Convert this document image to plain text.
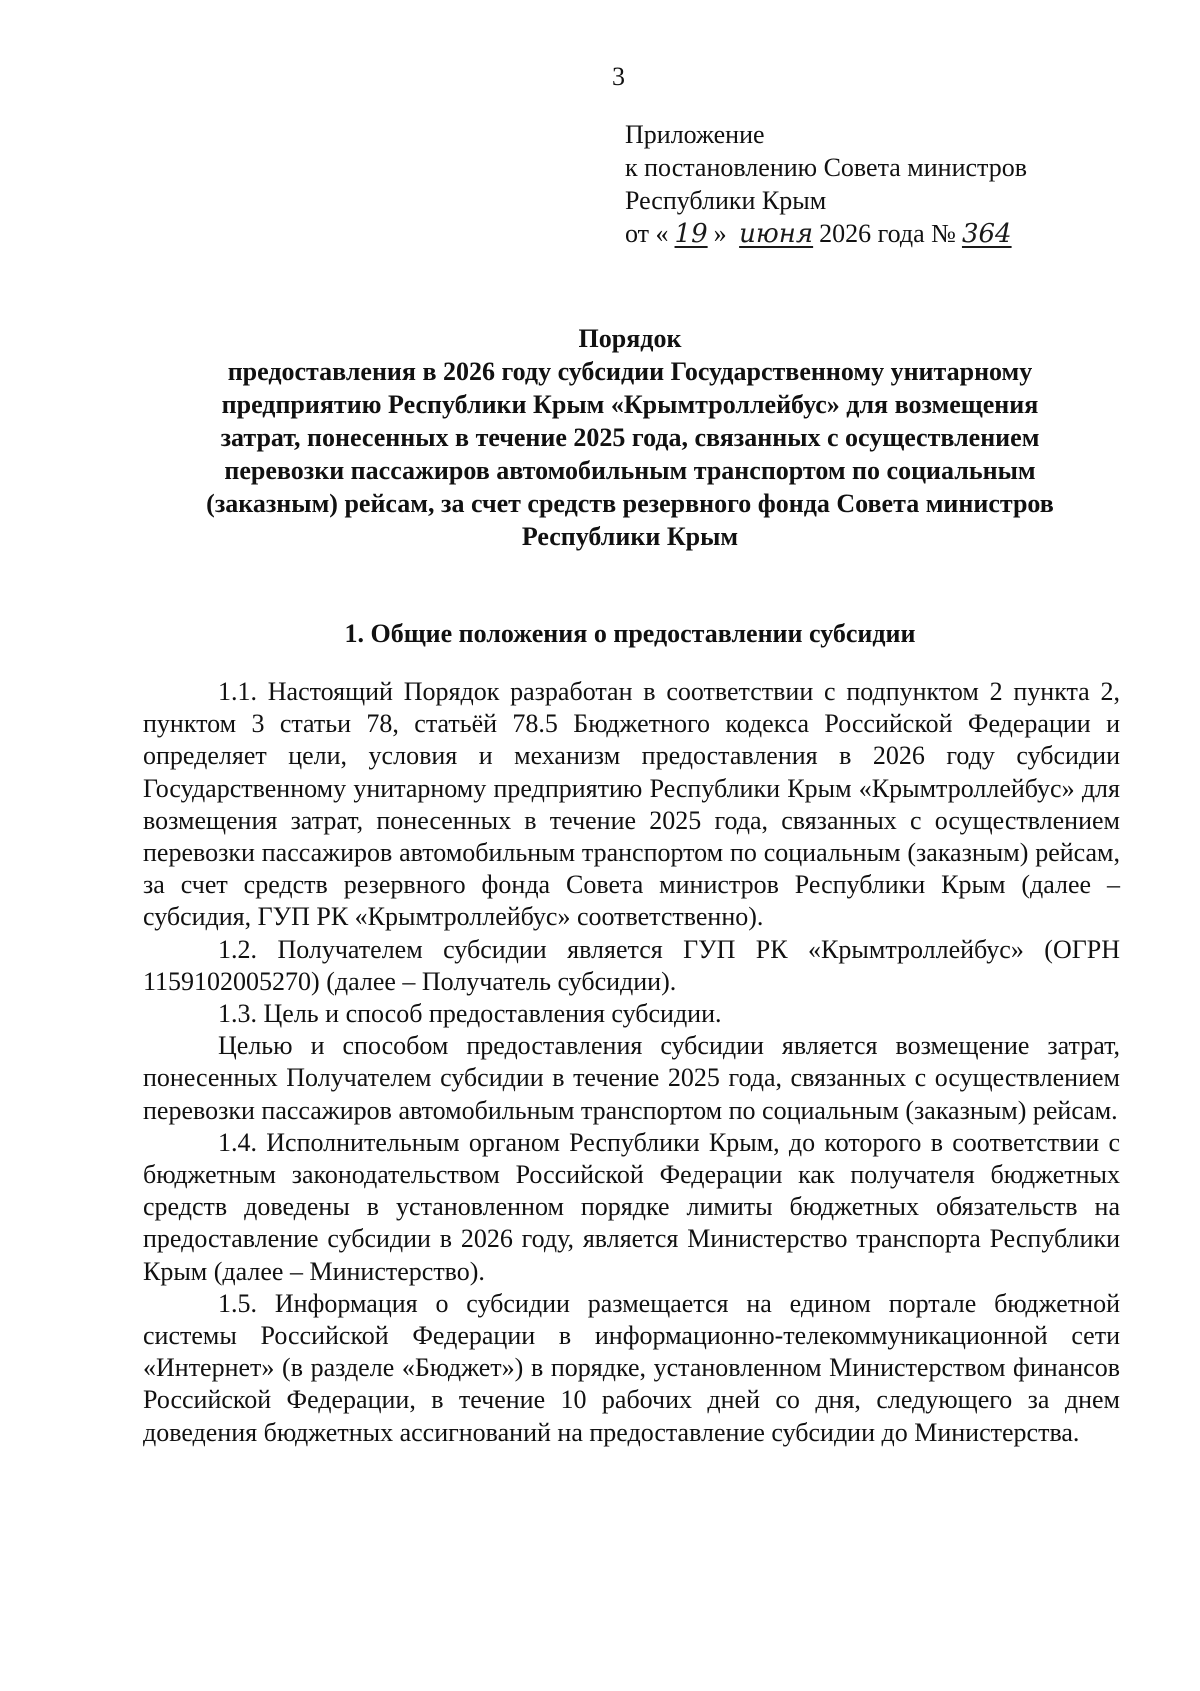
3
Приложение
к постановлению Совета министров
Республики Крым
от « 19 » июня 2026 года № 364
Порядок
предоставления в 2026 году субсидии Государственному унитарному
предприятию Республики Крым «Крымтроллейбус» для возмещения
затрат, понесенных в течение 2025 года, связанных с осуществлением
перевозки пассажиров автомобильным транспортом по социальным
(заказным) рейсам, за счет средств резервного фонда Совета министров
Республики Крым
1. Общие положения о предоставлении субсидии

1.1. Настоящий Порядок разработан в соответствии с подпунктом 2 пункта 2, пунктом 3 статьи 78, статьёй 78.5 Бюджетного кодекса Российской Федерации и определяет цели, условия и механизм предоставления в 2026 году субсидии Государственному унитарному предприятию Республики Крым «Крымтроллейбус» для возмещения затрат, понесенных в течение 2025 года, связанных с осуществлением перевозки пассажиров автомобильным транспортом по социальным (заказным) рейсам, за счет средств резервного фонда Совета министров Республики Крым (далее – субсидия, ГУП РК «Крымтроллейбус» соответственно).

1.2. Получателем субсидии является ГУП РК «Крымтроллейбус» (ОГРН 1159102005270) (далее – Получатель субсидии).

1.3. Цель и способ предоставления субсидии.

Целью и способом предоставления субсидии является возмещение затрат, понесенных Получателем субсидии в течение 2025 года, связанных с осуществлением перевозки пассажиров автомобильным транспортом по социальным (заказным) рейсам.

1.4. Исполнительным органом Республики Крым, до которого в соответствии с бюджетным законодательством Российской Федерации как получателя бюджетных средств доведены в установленном порядке лимиты бюджетных обязательств на предоставление субсидии в 2026 году, является Министерство транспорта Республики Крым (далее – Министерство).

1.5. Информация о субсидии размещается на едином портале бюджетной системы Российской Федерации в информационно-телекоммуникационной сети «Интернет» (в разделе «Бюджет») в порядке, установленном Министерством финансов Российской Федерации, в течение 10 рабочих дней со дня, следующего за днем доведения бюджетных ассигнований на предоставление субсидии до Министерства.
